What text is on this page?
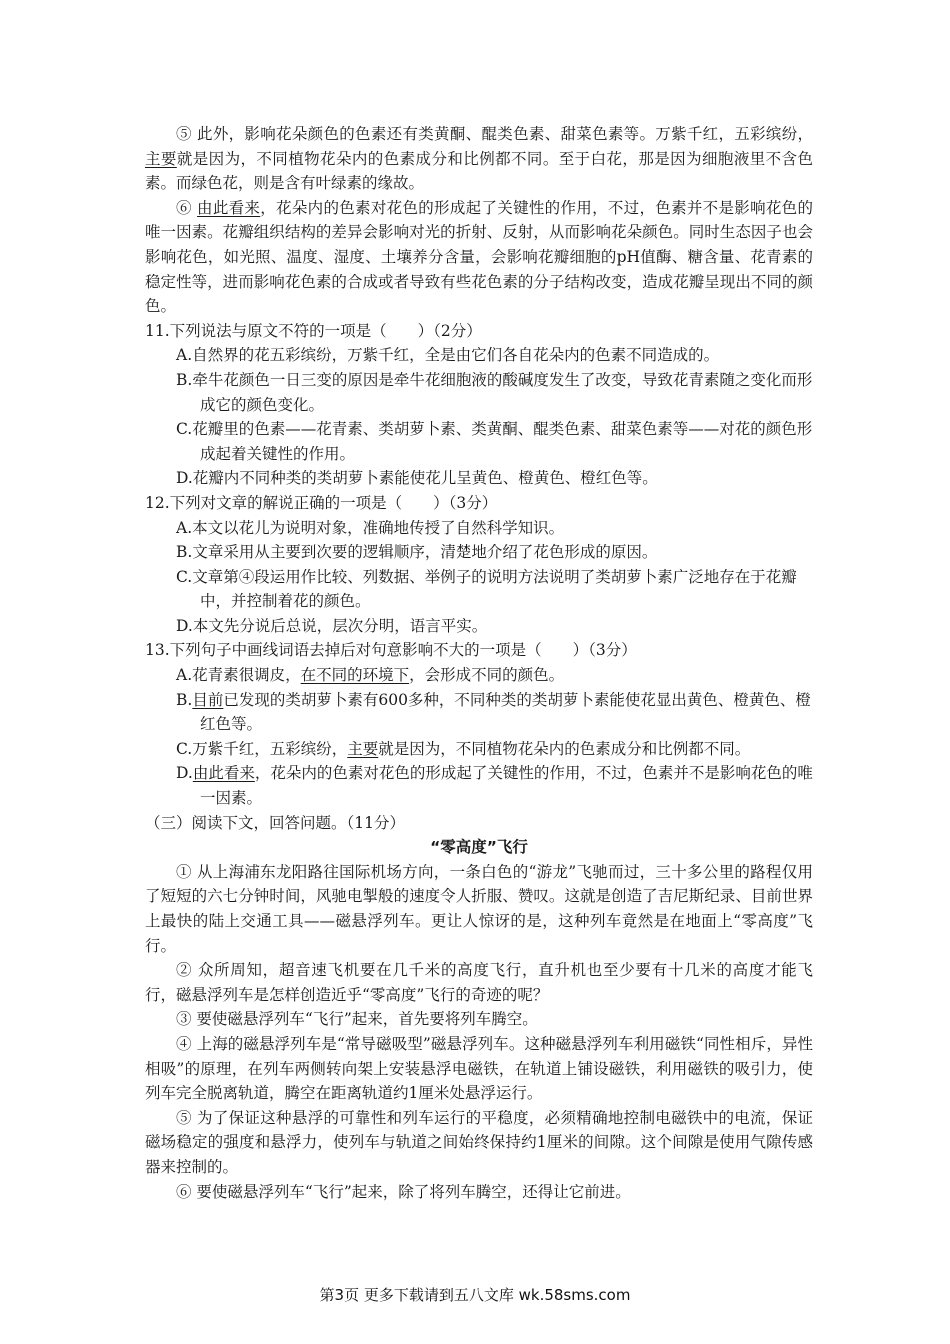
⑤ 此外，影响花朵颜色的色素还有类黄酮、醌类色素、甜菜色素等。万紫千红，五彩缤纷，主要就是因为，不同植物花朵内的色素成分和比例都不同。至于白花，那是因为细胞液里不含色素。而绿色花，则是含有叶绿素的缘故。

⑥ 由此看来，花朵内的色素对花色的形成起了关键性的作用，不过，色素并不是影响花色的唯一因素。花瓣组织结构的差异会影响对光的折射、反射，从而影响花朵颜色。同时生态因子也会影响花色，如光照、温度、湿度、土壤养分含量，会影响花瓣细胞的pH值酶、糖含量、花青素的稳定性等，进而影响花色素的合成或者导致有些花色素的分子结构改变，造成花瓣呈现出不同的颜色。

11.下列说法与原文不符的一项是（　　）（2分）

A.自然界的花五彩缤纷，万紫千红，全是由它们各自花朵内的色素不同造成的。

B.牵牛花颜色一日三变的原因是牵牛花细胞液的酸碱度发生了改变，导致花青素随之变化而形成它的颜色变化。

C.花瓣里的色素——花青素、类胡萝卜素、类黄酮、醌类色素、甜菜色素等——对花的颜色形成起着关键性的作用。

D.花瓣内不同种类的类胡萝卜素能使花儿呈黄色、橙黄色、橙红色等。

12.下列对文章的解说正确的一项是（　　）（3分）

A.本文以花儿为说明对象，准确地传授了自然科学知识。

B.文章采用从主要到次要的逻辑顺序，清楚地介绍了花色形成的原因。

C.文章第④段运用作比较、列数据、举例子的说明方法说明了类胡萝卜素广泛地存在于花瓣中，并控制着花的颜色。

D.本文先分说后总说，层次分明，语言平实。

13.下列句子中画线词语去掉后对句意影响不大的一项是（　　）（3分）

A.花青素很调皮，在不同的环境下，会形成不同的颜色。

B.目前已发现的类胡萝卜素有600多种，不同种类的类胡萝卜素能使花显出黄色、橙黄色、橙红色等。

C.万紫千红，五彩缤纷，主要就是因为，不同植物花朵内的色素成分和比例都不同。

D.由此看来，花朵内的色素对花色的形成起了关键性的作用，不过，色素并不是影响花色的唯一因素。

（三）阅读下文，回答问题。（11分）

“零高度”飞行

① 从上海浦东龙阳路往国际机场方向，一条白色的“游龙”飞驰而过，三十多公里的路程仅用了短短的六七分钟时间，风驰电掣般的速度令人折服、赞叹。这就是创造了吉尼斯纪录、目前世界上最快的陆上交通工具——磁悬浮列车。更让人惊讶的是，这种列车竟然是在地面上“零高度”飞行。

② 众所周知，超音速飞机要在几千米的高度飞行，直升机也至少要有十几米的高度才能飞行，磁悬浮列车是怎样创造近乎“零高度”飞行的奇迹的呢？

③ 要使磁悬浮列车“飞行”起来，首先要将列车腾空。

④ 上海的磁悬浮列车是“常导磁吸型”磁悬浮列车。这种磁悬浮列车利用磁铁“同性相斥，异性相吸”的原理，在列车两侧转向架上安装悬浮电磁铁，在轨道上铺设磁铁，利用磁铁的吸引力，使列车完全脱离轨道，腾空在距离轨道约1厘米处悬浮运行。

⑤ 为了保证这种悬浮的可靠性和列车运行的平稳度，必须精确地控制电磁铁中的电流，保证磁场稳定的强度和悬浮力，使列车与轨道之间始终保持约1厘米的间隙。这个间隙是使用气隙传感器来控制的。

⑥ 要使磁悬浮列车“飞行”起来，除了将列车腾空，还得让它前进。

第3页 更多下载请到五八文库 wk.58sms.com
